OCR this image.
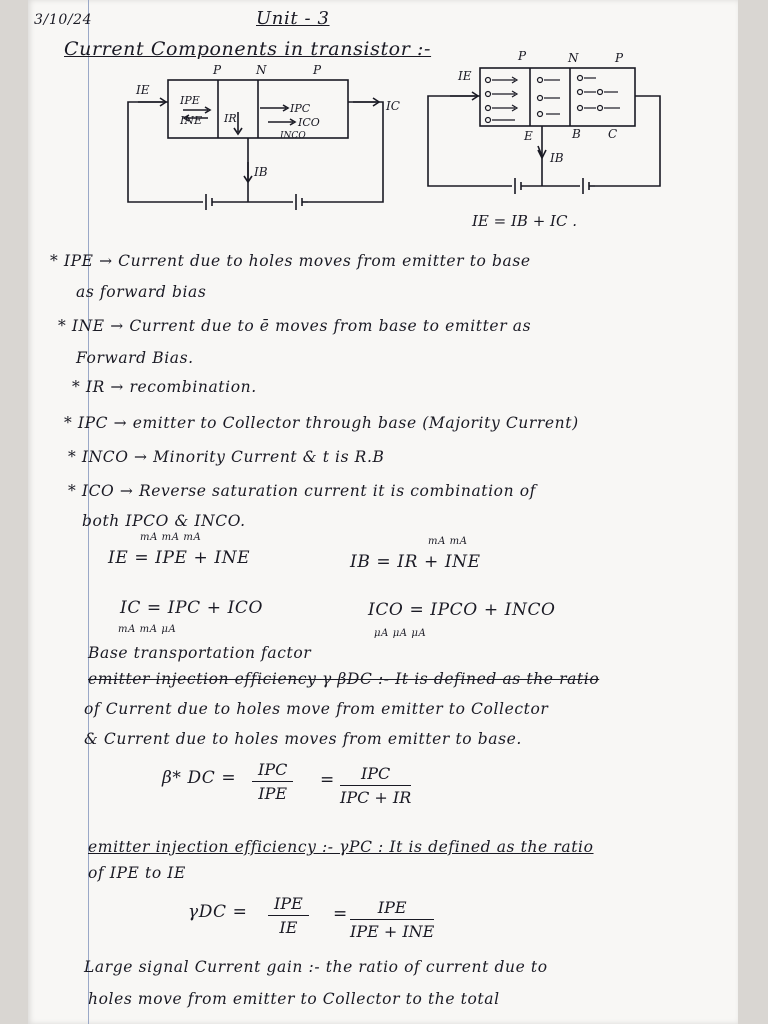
3/10/24	Unit - 3
Current Components in transistor :-
P	N	P
IE
IPE
INE IR
IPC
ICO
INCO
IC
IB
P	N	P
E	B C
IE
IB
IE = IB + IC .
* IPE → Current due to holes moves from emitter to base
as forward bias
* INE → Current due to ē moves from base to emitter as
Forward Bias.
* IR → recombination.
* IPC → emitter to Collector through base (Majority Current)
* INCO → Minority Current & t is R.B
* ICO → Reverse saturation current it is combination of
both IPCO & INCO.
mA mA mA
IE = IPE + INE
mA mA
IB = IR + INE
IC = IPC + ICO
mA mA μA
ICO = IPCO + INCO
μA μA μA
Base transportation factor
emitter injection efficiency γ βDC :- It is defined as the ratio
of Current due to holes move from emitter to Collector
& Current due to holes moves from emitter to base.
β* DC =	IPC
IPE
=	IPC
IPC + IR
emitter injection efficiency :- γPC : It is defined as the ratio
of IPE to IE
γDC =	IPE
IE
=	IPE
IPE + INE
Large signal Current gain :- the ratio of current due to
holes move from emitter to Collector to the total
